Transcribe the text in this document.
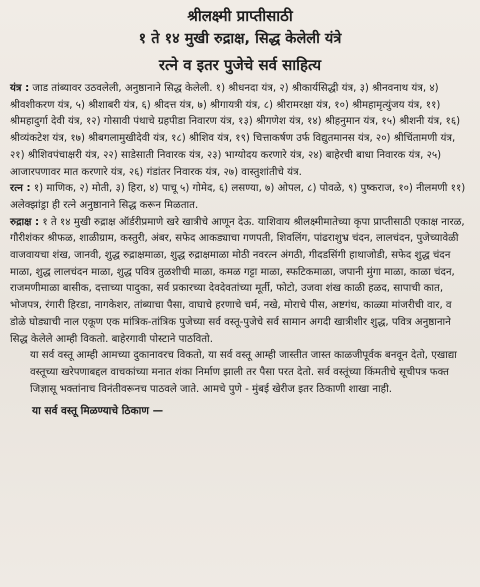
श्रीलक्ष्मी प्राप्तीसाठी
१ ते १४ मुखी रुद्राक्ष, सिद्ध केलेली यंत्रे
रत्ने व इतर पुजेचे सर्व साहित्य

यंत्र : जाड तांब्यावर उठवलेली, अनुष्ठानाने सिद्ध केलेली. १) श्रीधनदा यंत्र, २) श्रीकार्यसिद्धी यंत्र, ३) श्रीनवनाथ यंत्र, ४) श्रीवशीकरण यंत्र, ५) श्रीशाबरी यंत्र, ६) श्रीदत्त यंत्र, ७) श्रीगायत्री यंत्र, ८) श्रीरामरक्षा यंत्र, १०) श्रीमहामृत्युंजय यंत्र, ११) श्रीमहादुर्गा देवी यंत्र, १२) गोसावी पंथाचे ग्रहपीडा निवारण यंत्र, १३) श्रीगणेश यंत्र, १४) श्रीहनुमान यंत्र, १५) श्रीशनी यंत्र, १६) श्रीव्यंकटेश यंत्र, १७) श्रीबगलामुखीदेवी यंत्र, १८) श्रीशिव यंत्र, १९) चित्ताकर्षण उर्फ विद्युतमानस यंत्र, २०) श्रीचिंतामणी यंत्र, २१) श्रीशिवपंचाक्षरी यंत्र, २२) साडेसाती निवारक यंत्र, २३) भाग्योदय करणारे यंत्र, २४) बाहेरची बाधा निवारक यंत्र, २५) आजारपणावर मात करणारे यंत्र, २६) गंडांतर निवारक यंत्र, २७) वास्तुशांतीचे यंत्र.

रत्न : १) माणिक, २) मोती, ३) हिरा, ४) पाचू ५) गोमेद, ६) लसण्या, ७) ओपल, ८) पोवळे, ९) पुष्कराज, १०) नीलमणी ११) अलेक्झांड्रा ही रत्ने अनुष्ठानाने सिद्ध करून मिळतात.

रुद्राक्ष : १ ते १४ मुखी रुद्राक्ष ऑर्डरीप्रमाणे खरे खात्रीचे आणून देऊ. याशिवाय श्रीलक्ष्मीमातेच्या कृपा प्राप्तीसाठी एकाक्ष नारळ, गौरीशंकर श्रीफळ, शाळीग्राम, कस्तुरी, अंबर, सफेद आकड्याचा गणपती, शिवलिंग, पांढराशुभ्र चंदन, लालचंदन, पुजेच्यावेळी वाजवायचा शंख, जानवी, शुद्ध रुद्राक्षमाळा, शुद्ध रुद्राक्षमाळा मोठी नवरत्न अंगठी, गीदडसिंगी हाथाजोडी, सफेद शुद्ध चंदन माळा, शुद्ध लालचंदन माळा, शुद्ध पवित्र तुळशीची माळा, कमळ गट्टा माळा, स्फटिकमाळा, जपानी मुंगा माळा, काळा चंदन, राजमणीमाळा बासीक, दत्ताच्या पादुका, सर्व प्रकारच्या देवदेवतांच्या मूर्ती, फोटो, उजवा शंख काळी हळद, सापाची कात, भोजपत्र, रंगारी हिरडा, नागकेशर, तांब्याचा पैसा, वाघाचे हरणाचे चर्म, नखे, मोराचे पीस, अष्टगंध, काळ्या मांजरीची वार, व डोळे घोड्याची नाल एकूण एक मांत्रिक-तांत्रिक पुजेच्या सर्व वस्तू-पुजेचे सर्व सामान अगदी खात्रीशीर शुद्ध, पवित्र अनुष्ठानाने सिद्ध केलेले आम्ही विकतो. बाहेरगावी पोस्टाने पाठवितो.

या सर्व वस्तू आम्ही आमच्या दुकानावरच विकतो, या सर्व वस्तू आम्ही जास्तीत जास्त काळजीपूर्वक बनवून देतो, एखाद्या वस्तूच्या खरेपणाबद्दल वाचकांच्या मनात शंका निर्माण झाली तर पैसा परत देतो. सर्व वस्तूंच्या किंमतीचे सूचीपत्र फक्त जिज्ञासू भक्तांनाच विनंतीवरूनच पाठवले जाते. आमचे पुणे - मुंबई खेरीज इतर ठिकाणी शाखा नाही.

या सर्व वस्तू मिळण्याचे ठिकाण —
